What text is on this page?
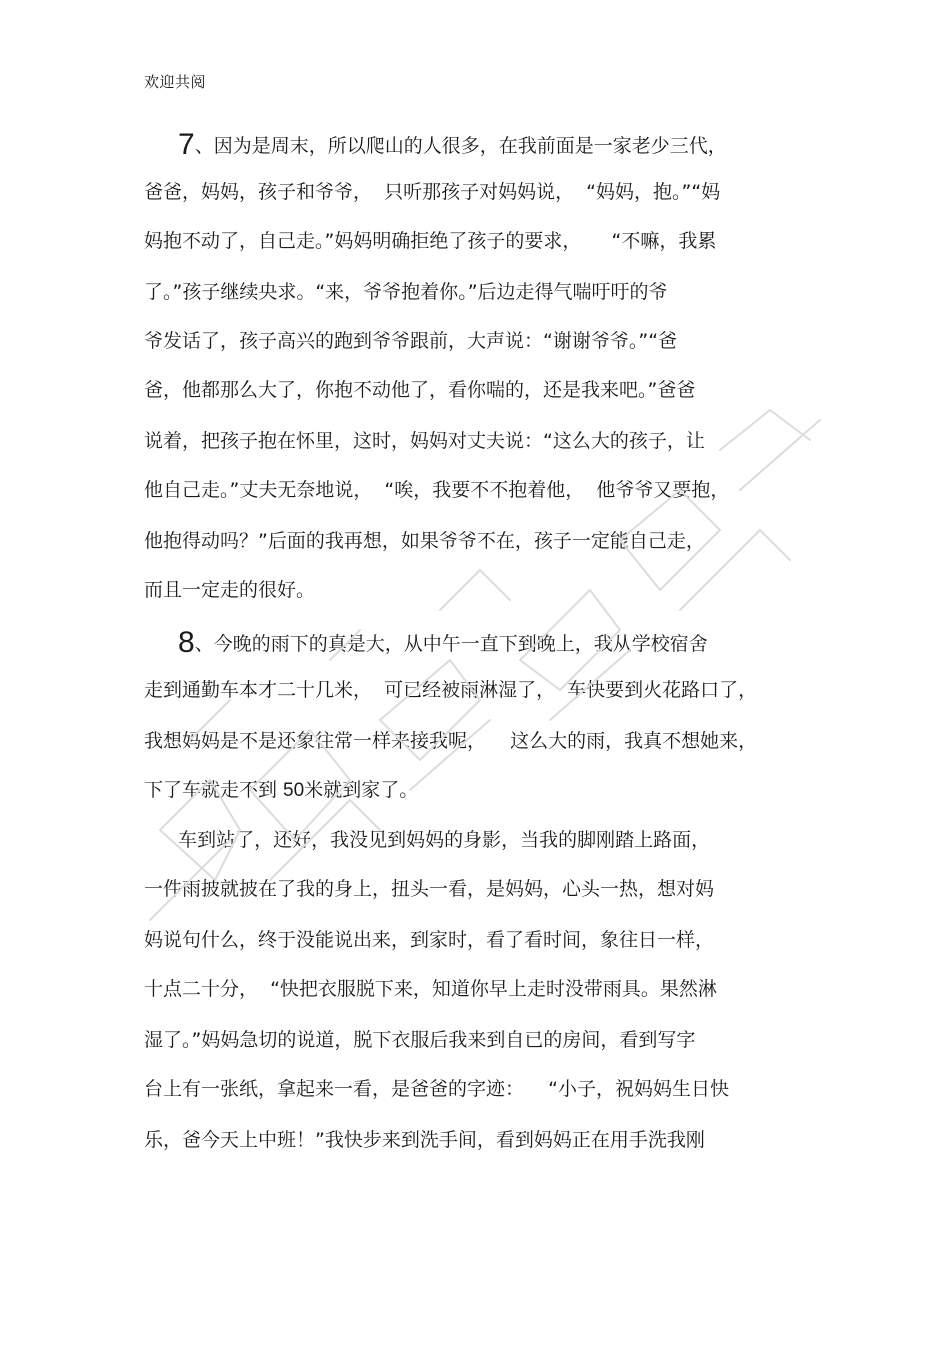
欢迎共阅
7、因为是周末，所以爬山的人很多，在我前面是一家老少三代，
爸爸，妈妈，孩子和爷爷，  只听那孩子对妈妈说，  “妈妈，抱。”“妈
妈抱不动了，自己走。”妈妈明确拒绝了孩子的要求，     “不嘛，我累
了。”孩子继续央求。“来，爷爷抱着你。”后边走得气喘吁吁的爷
爷发话了，孩子高兴的跑到爷爷跟前，大声说：“谢谢爷爷。”“爸
爸，他都那么大了，你抱不动他了，看你喘的，还是我来吧。”爸爸
说着，把孩子抱在怀里，这时，妈妈对丈夫说：“这么大的孩子，让
他自己走。”丈夫无奈地说，  “唉，我要不不抱着他，  他爷爷又要抱，
他抱得动吗？”后面的我再想，如果爷爷不在，孩子一定能自己走，
而且一定走的很好。
8、今晚的雨下的真是大，从中午一直下到晚上，我从学校宿舍
走到通勤车本才二十几米，  可已经被雨淋湿了，  车快要到火花路口了，
我想妈妈是不是还象往常一样来接我呢，    这么大的雨，我真不想她来，
下了车就走不到 50米就到家了。
车到站了，还好，我没见到妈妈的身影，当我的脚刚踏上路面，
一件雨披就披在了我的身上，扭头一看，是妈妈，心头一热，想对妈
妈说句什么，终于没能说出来，到家时，看了看时间，象往日一样，
十点二十分，  “快把衣服脱下来，知道你早上走时没带雨具。果然淋
湿了。”妈妈急切的说道，脱下衣服后我来到自已的房间，看到写字
台上有一张纸，拿起来一看，是爸爸的字迹：    “小子，祝妈妈生日快
乐，爸今天上中班！”我快步来到洗手间，看到妈妈正在用手洗我刚
